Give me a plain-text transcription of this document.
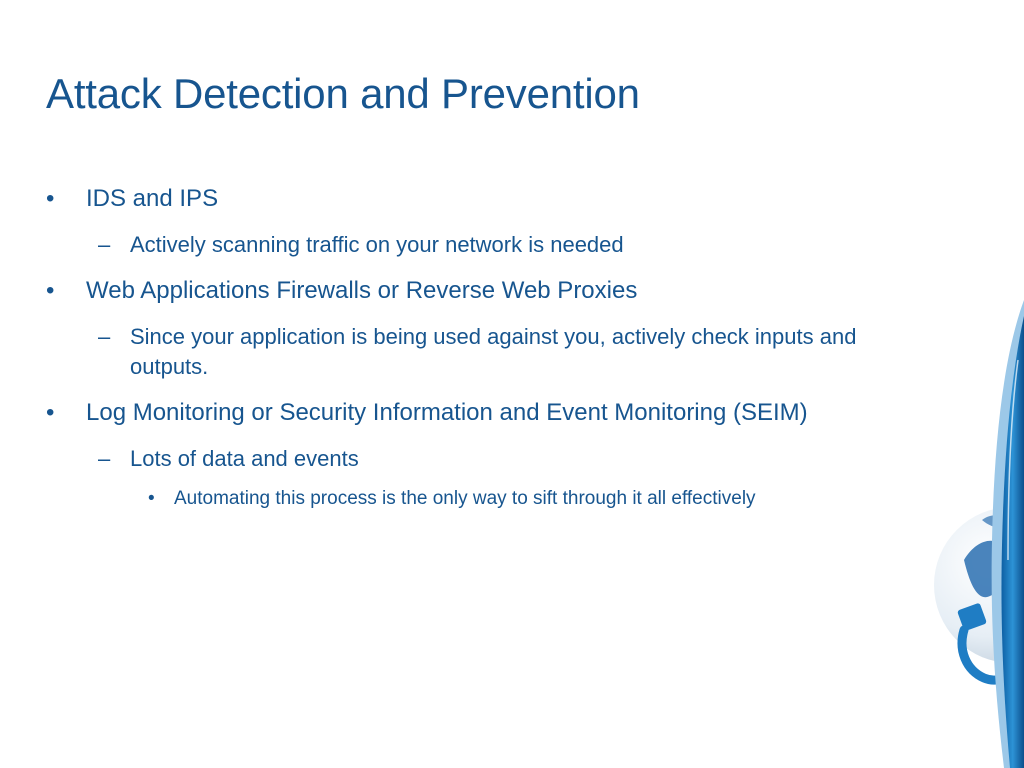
Attack Detection and Prevention
• IDS and IPS
– Actively scanning traffic on your network is needed
• Web Applications Firewalls or Reverse Web Proxies
– Since your application is being used against you, actively check inputs and outputs.
• Log Monitoring or Security Information and Event Monitoring (SEIM)
– Lots of data and events
• Automating this process is the only way to sift through it all effectively
